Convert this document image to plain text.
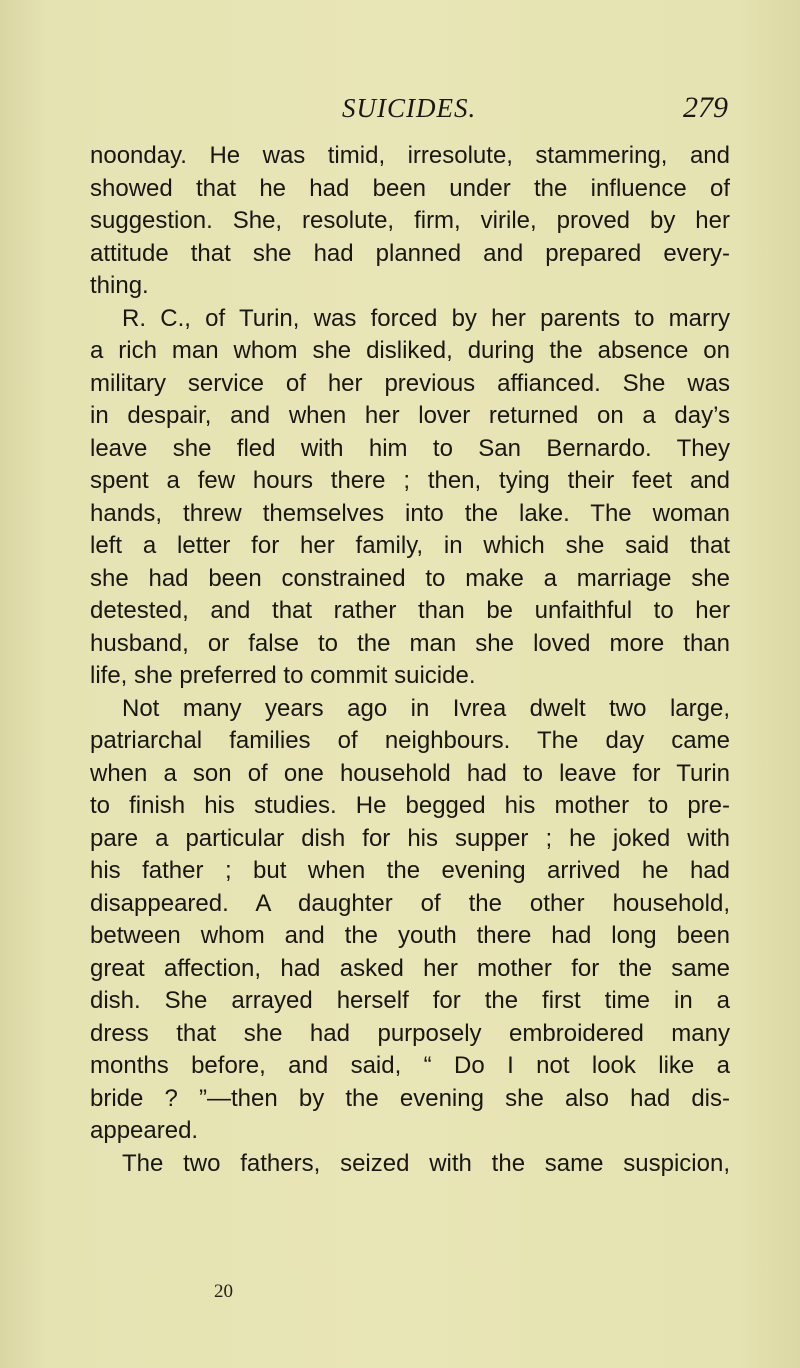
SUICIDES.	279
noonday. He was timid, irresolute, stammering, and
showed that he had been under the influence of
suggestion. She, resolute, firm, virile, proved by her
attitude that she had planned and prepared every-
thing.
R. C., of Turin, was forced by her parents to marry
a rich man whom she disliked, during the absence on
military service of her previous affianced. She was
in despair, and when her lover returned on a day’s
leave she fled with him to San Bernardo. They
spent a few hours there ; then, tying their feet and
hands, threw themselves into the lake. The woman
left a letter for her family, in which she said that
she had been constrained to make a marriage she
detested, and that rather than be unfaithful to her
husband, or false to the man she loved more than
life, she preferred to commit suicide.
Not many years ago in Ivrea dwelt two large,
patriarchal families of neighbours. The day came
when a son of one household had to leave for Turin
to finish his studies. He begged his mother to pre-
pare a particular dish for his supper ; he joked with
his father ; but when the evening arrived he had
disappeared. A daughter of the other household,
between whom and the youth there had long been
great affection, had asked her mother for the same
dish. She arrayed herself for the first time in a
dress that she had purposely embroidered many
months before, and said, “ Do I not look like a
bride ? ”—then by the evening she also had dis-
appeared.
The two fathers, seized with the same suspicion,
20
